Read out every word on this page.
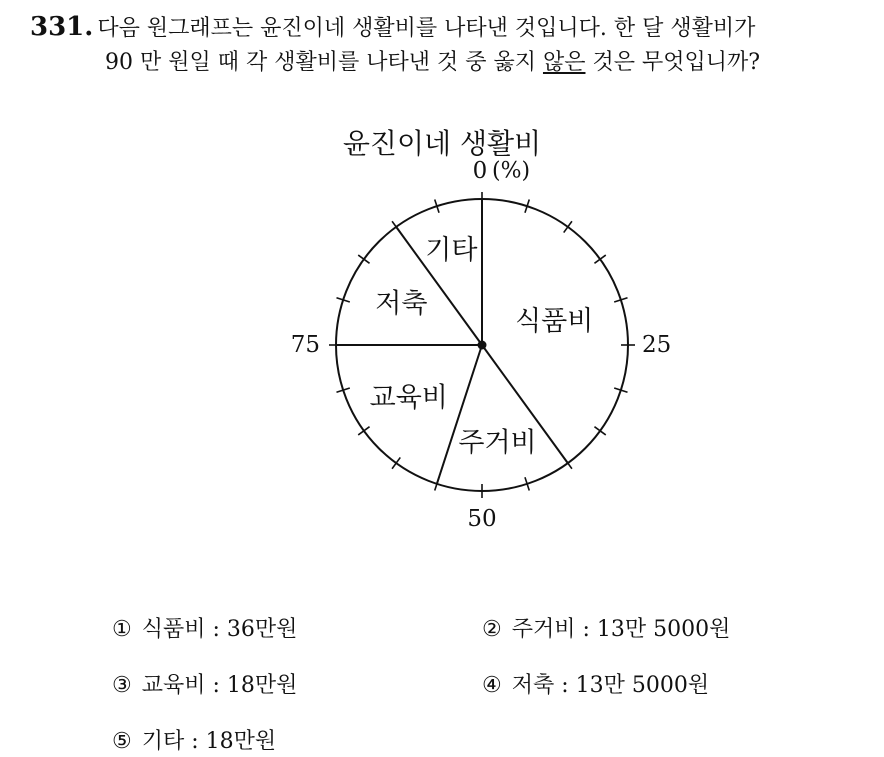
331. 다음 원그래프는 윤진이네 생활비를 나타낸 것입니다. 한 달 생활비가
90 만 원일 때 각 생활비를 나타낸 것 중 옳지 않은 것은 무엇입니까?
윤진이네 생활비
식품비
주거비
교육비
저축
기타
0
25
50
75
(%)
① 식품비 : 36만원	② 주거비 : 13만 5000원
③ 교육비 : 18만원	④ 저축 : 13만 5000원
⑤ 기타 : 18만원
